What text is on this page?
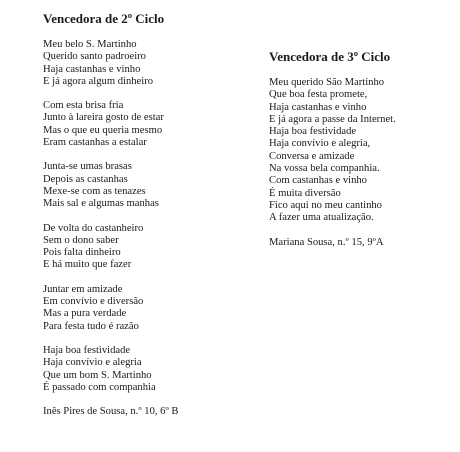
Vencedora de 2º Ciclo
Meu belo S. Martinho
Querido santo padroeiro
Haja castanhas e vinho
E já agora algum dinheiro
Com esta brisa fria
Junto à lareira gosto de estar
Mas o que eu queria mesmo
Eram castanhas a estalar
Junta-se umas brasas
Depois as castanhas
Mexe-se com as tenazes
Mais sal e algumas manhas
De volta do castanheiro
Sem o dono saber
Pois falta dinheiro
E há muito que fazer
Juntar em amizade
Em convívio e diversão
Mas a pura verdade
Para festa tudo é razão
Haja boa festividade
Haja convívio e alegria
Que um bom S. Martinho
É passado com companhia
Inês Pires de Sousa, n.º 10, 6º B
Vencedora de 3º Ciclo
Meu querido São Martinho
Que boa festa promete,
Haja castanhas e vinho
E já agora a passe da Internet.
Haja boa festividade
Haja convívio e alegria,
Conversa e amizade
Na vossa bela companhia.
Com castanhas e vinho
É muita diversão
Fico aqui no meu cantinho
A fazer uma atualização.
Mariana Sousa, n.º 15, 9ºA
